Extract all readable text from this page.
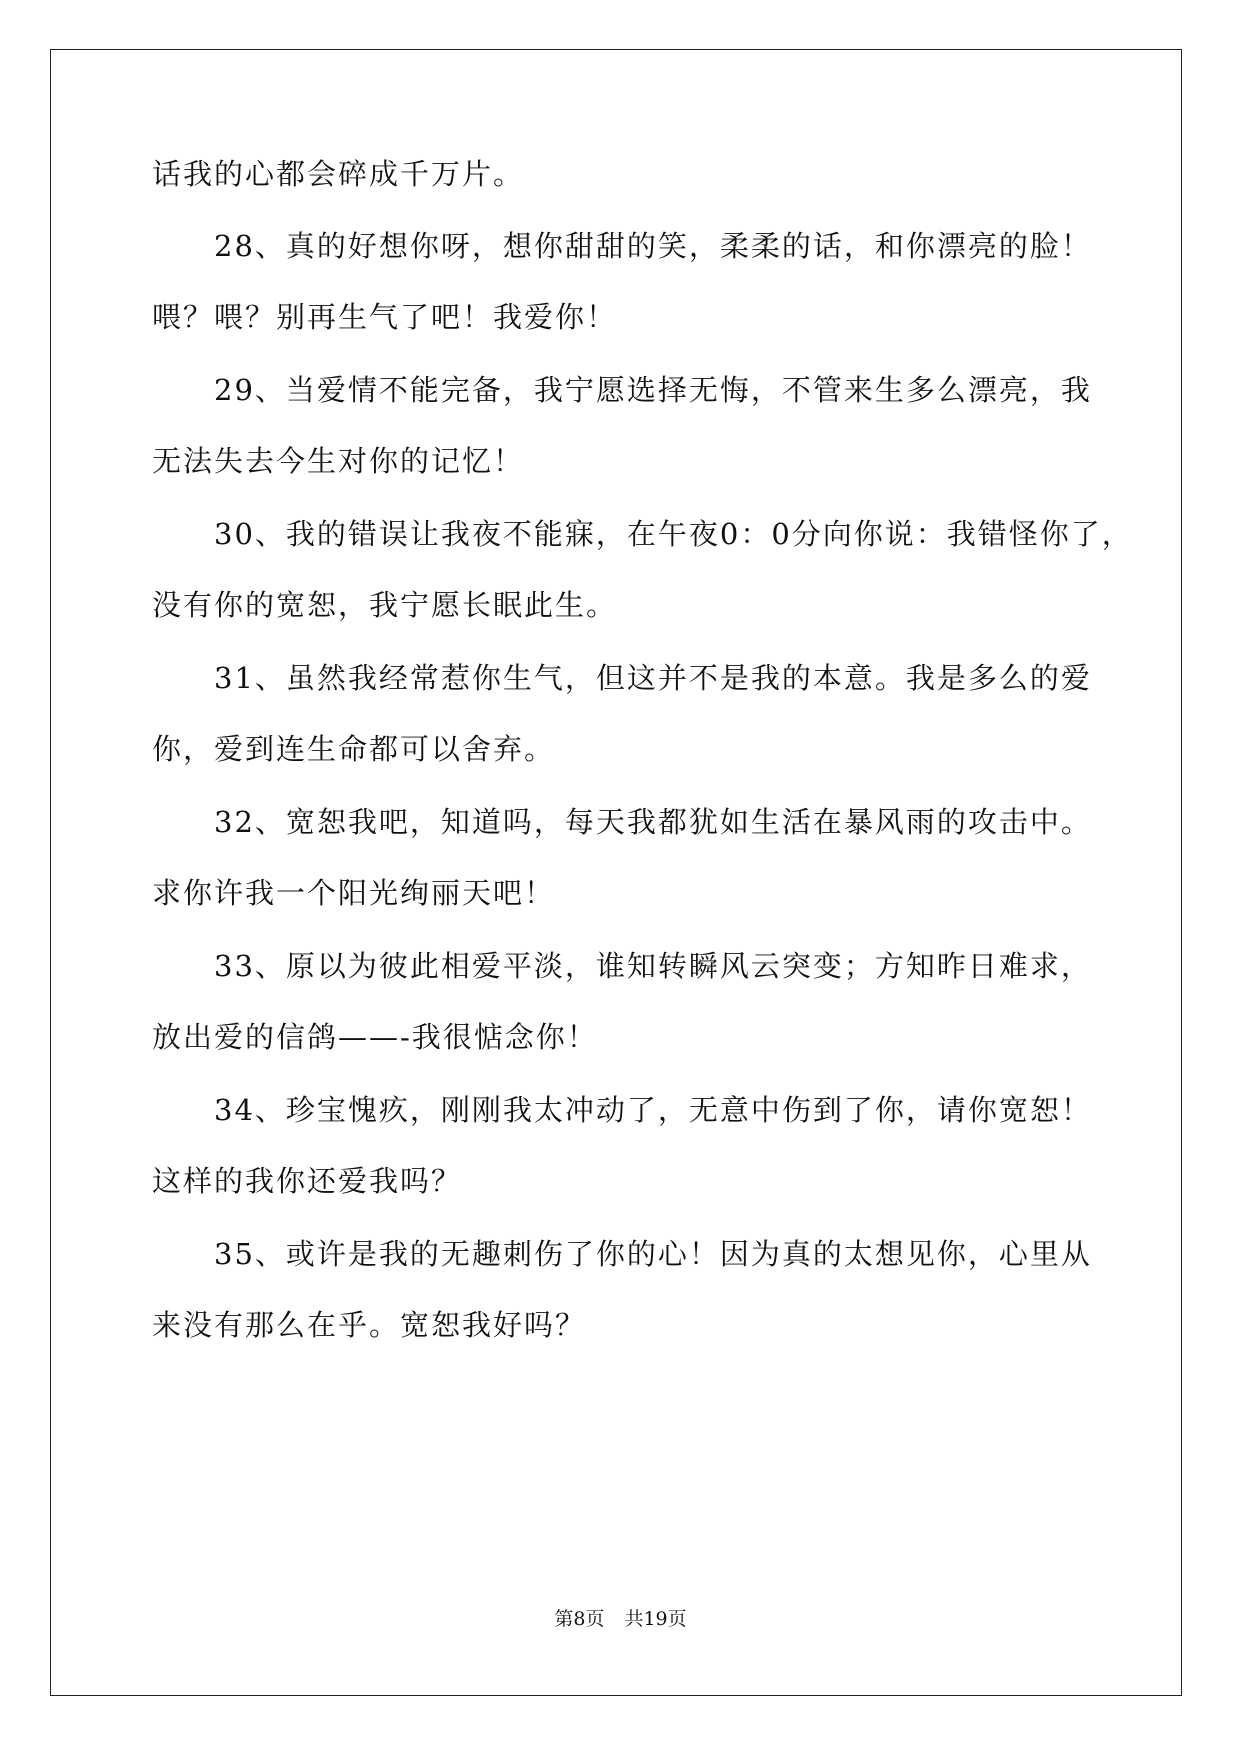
话我的心都会碎成千万片。
　　28、真的好想你呀，想你甜甜的笑，柔柔的话，和你漂亮的脸！
喂？喂？别再生气了吧！我爱你！
　　29、当爱情不能完备，我宁愿选择无悔，不管来生多么漂亮，我
无法失去今生对你的记忆！
　　30、我的错误让我夜不能寐，在午夜0：0分向你说：我错怪你了，
没有你的宽恕，我宁愿长眠此生。
　　31、虽然我经常惹你生气，但这并不是我的本意。我是多么的爱
你，爱到连生命都可以舍弃。
　　32、宽恕我吧，知道吗，每天我都犹如生活在暴风雨的攻击中。
求你许我一个阳光绚丽天吧！
　　33、原以为彼此相爱平淡，谁知转瞬风云突变；方知昨日难求，
放出爱的信鸽——-我很惦念你！
　　34、珍宝愧疚，刚刚我太冲动了，无意中伤到了你，请你宽恕！
这样的我你还爱我吗？
　　35、或许是我的无趣刺伤了你的心！因为真的太想见你，心里从
来没有那么在乎。宽恕我好吗？
第8页 共19页
